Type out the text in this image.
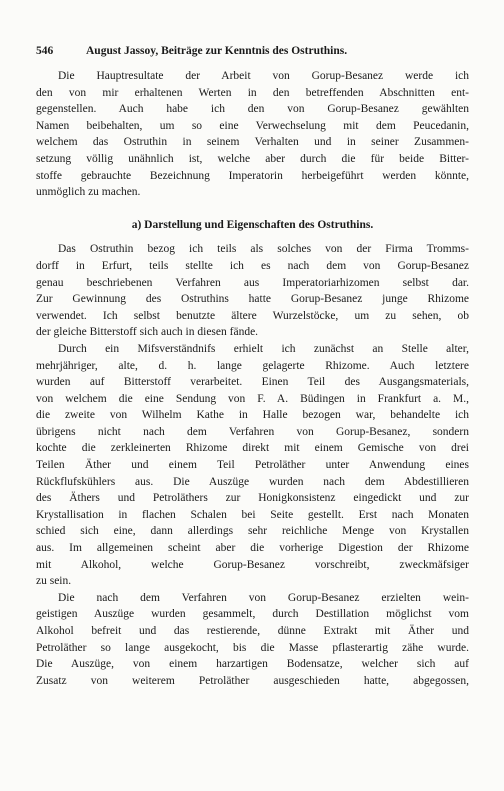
546	August Jassoy, Beiträge zur Kenntnis des Ostruthins.

Die Hauptresultate der Arbeit von Gorup-Besanez werde ich
den von mir erhaltenen Werten in den betreffenden Abschnitten ent-
gegenstellen. Auch habe ich den von Gorup-Besanez gewählten
Namen beibehalten, um so eine Verwechselung mit dem Peucedanin,
welchem das Ostruthin in seinem Verhalten und in seiner Zusammen-
setzung völlig unähnlich ist, welche aber durch die für beide Bitter-
stoffe gebrauchte Bezeichnung Imperatorin herbeigeführt werden könnte,
unmöglich zu machen.

a) Darstellung und Eigenschaften des Ostruthins.

Das Ostruthin bezog ich teils als solches von der Firma Tromms-
dorff in Erfurt, teils stellte ich es nach dem von Gorup-Besanez
genau beschriebenen Verfahren aus Imperatoriarhizomen selbst dar.
Zur Gewinnung des Ostruthins hatte Gorup-Besanez junge Rhizome
verwendet. Ich selbst benutzte ältere Wurzelstöcke, um zu sehen, ob
der gleiche Bitterstoff sich auch in diesen fände.

Durch ein Mifsverständnifs erhielt ich zunächst an Stelle alter,
mehrjähriger, alte, d. h. lange gelagerte Rhizome. Auch letztere
wurden auf Bitterstoff verarbeitet. Einen Teil des Ausgangsmaterials,
von welchem die eine Sendung von F. A. Büdingen in Frankfurt a. M.,
die zweite von Wilhelm Kathe in Halle bezogen war, behandelte ich
übrigens nicht nach dem Verfahren von Gorup-Besanez, sondern
kochte die zerkleinerten Rhizome direkt mit einem Gemische von drei
Teilen Äther und einem Teil Petroläther unter Anwendung eines
Rückflufskühlers aus. Die Auszüge wurden nach dem Abdestillieren
des Äthers und Petroläthers zur Honigkonsistenz eingedickt und zur
Krystallisation in flachen Schalen bei Seite gestellt. Erst nach Monaten
schied sich eine, dann allerdings sehr reichliche Menge von Krystallen
aus. Im allgemeinen scheint aber die vorherige Digestion der Rhizome
mit Alkohol, welche Gorup-Besanez vorschreibt, zweckmäfsiger
zu sein.

Die nach dem Verfahren von Gorup-Besanez erzielten wein-
geistigen Auszüge wurden gesammelt, durch Destillation möglichst vom
Alkohol befreit und das restierende, dünne Extrakt mit Äther und
Petroläther so lange ausgekocht, bis die Masse pflasterartig zähe wurde.
Die Auszüge, von einem harzartigen Bodensatze, welcher sich auf
Zusatz von weiterem Petroläther ausgeschieden hatte, abgegossen,
